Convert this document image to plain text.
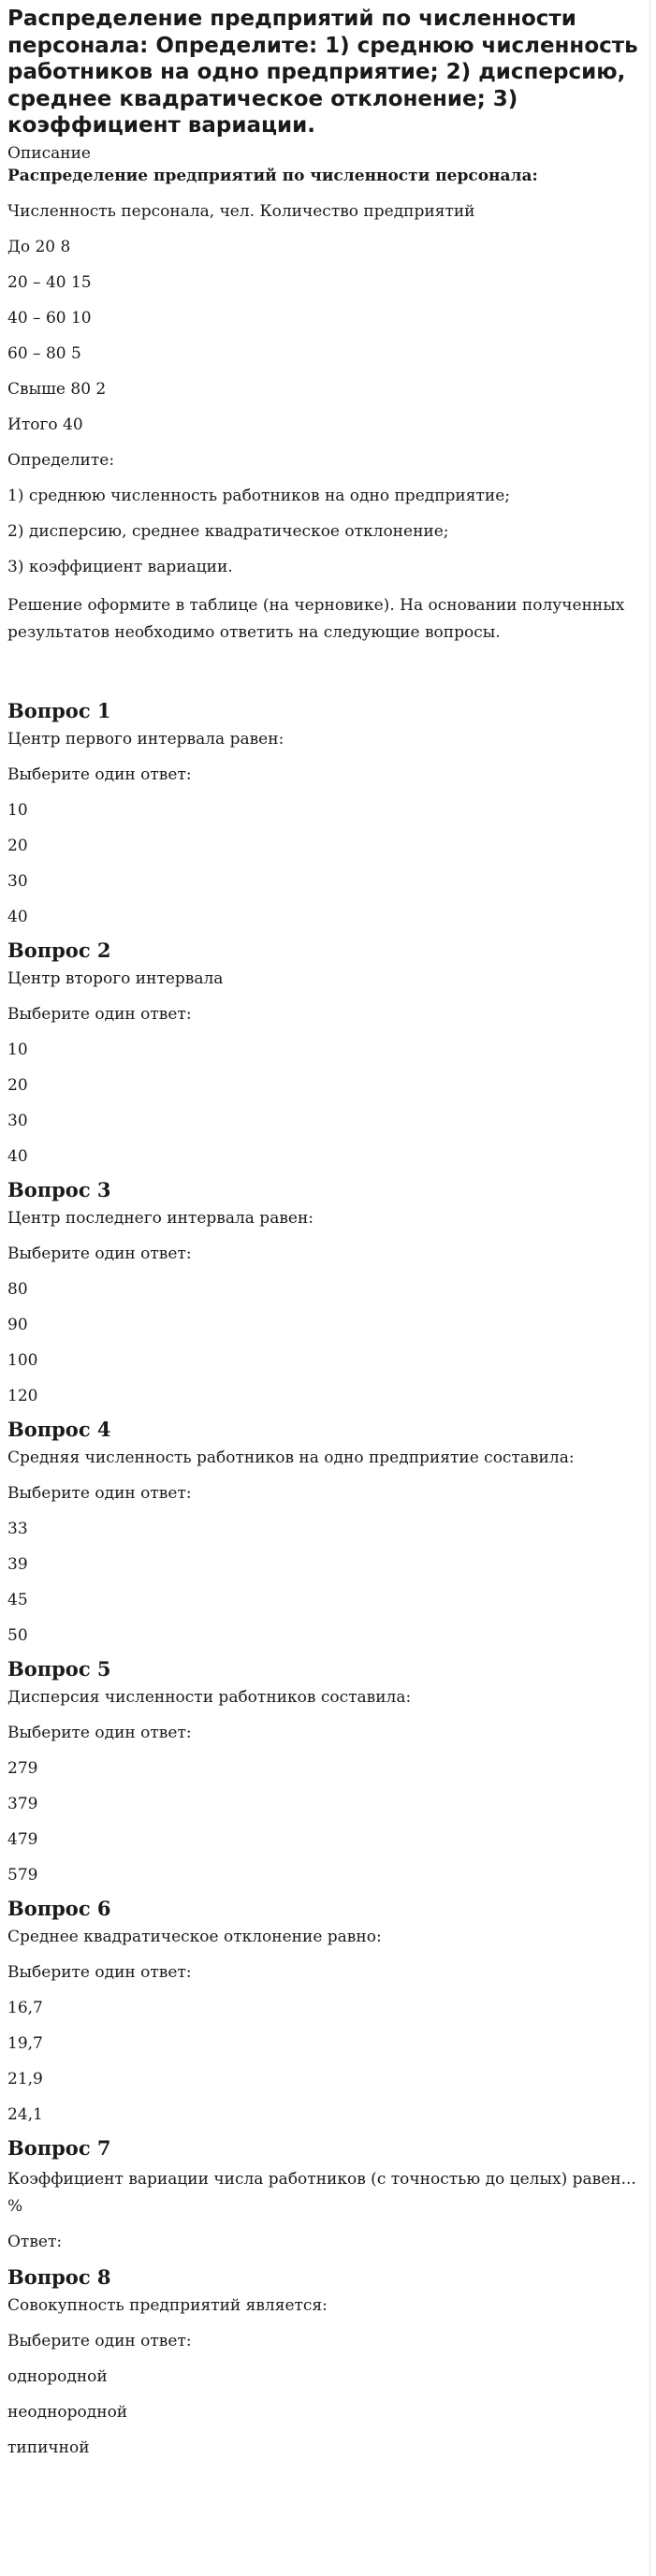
Распределение предприятий по численности персонала: Определите: 1) среднюю численность работников на одно предприятие; 2) дисперсию, среднее квадратическое отклонение; 3) коэффициент вариации.
Описание
Распределение предприятий по численности персонала:
Численность персонала, чел. Количество предприятий
До 20 8
20 – 40 15
40 – 60 10
60 – 80 5
Свыше 80 2
Итого 40
Определите:
1) среднюю численность работников на одно предприятие;
2) дисперсию, среднее квадратическое отклонение;
3) коэффициент вариации.
Решение оформите в таблице (на черновике). На основании полученных результатов необходимо ответить на следующие вопросы.
Вопрос 1
Центр первого интервала равен:
Выберите один ответ:
10
20
30
40
Вопрос 2
Центр второго интервала
Выберите один ответ:
10
20
30
40
Вопрос 3
Центр последнего интервала равен:
Выберите один ответ:
80
90
100
120
Вопрос 4
Средняя численность работников на одно предприятие составила:
Выберите один ответ:
33
39
45
50
Вопрос 5
Дисперсия численности работников составила:
Выберите один ответ:
279
379
479
579
Вопрос 6
Среднее квадратическое отклонение равно:
Выберите один ответ:
16,7
19,7
21,9
24,1
Вопрос 7
Коэффициент вариации числа работников (с точностью до целых) равен... %
Ответ:
Вопрос 8
Совокупность предприятий является:
Выберите один ответ:
однородной
неоднородной
типичной
